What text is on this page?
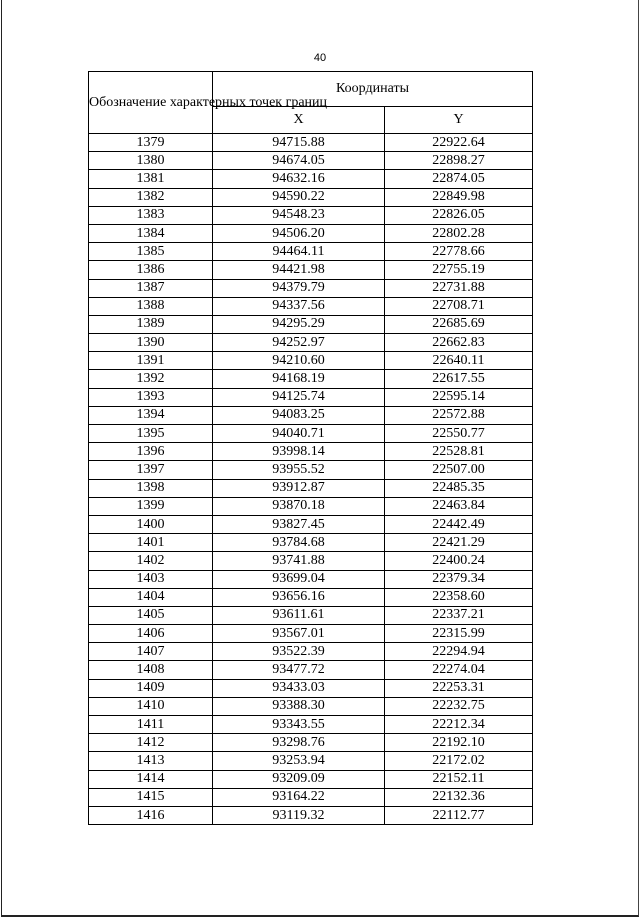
40
Обозначение характерных точек границ	Координаты	
	X	Y
1379	94715.88	22922.64
1380	94674.05	22898.27
1381	94632.16	22874.05
1382	94590.22	22849.98
1383	94548.23	22826.05
1384	94506.20	22802.28
1385	94464.11	22778.66
1386	94421.98	22755.19
1387	94379.79	22731.88
1388	94337.56	22708.71
1389	94295.29	22685.69
1390	94252.97	22662.83
1391	94210.60	22640.11
1392	94168.19	22617.55
1393	94125.74	22595.14
1394	94083.25	22572.88
1395	94040.71	22550.77
1396	93998.14	22528.81
1397	93955.52	22507.00
1398	93912.87	22485.35
1399	93870.18	22463.84
1400	93827.45	22442.49
1401	93784.68	22421.29
1402	93741.88	22400.24
1403	93699.04	22379.34
1404	93656.16	22358.60
1405	93611.61	22337.21
1406	93567.01	22315.99
1407	93522.39	22294.94
1408	93477.72	22274.04
1409	93433.03	22253.31
1410	93388.30	22232.75
1411	93343.55	22212.34
1412	93298.76	22192.10
1413	93253.94	22172.02
1414	93209.09	22152.11
1415	93164.22	22132.36
1416	93119.32	22112.77
